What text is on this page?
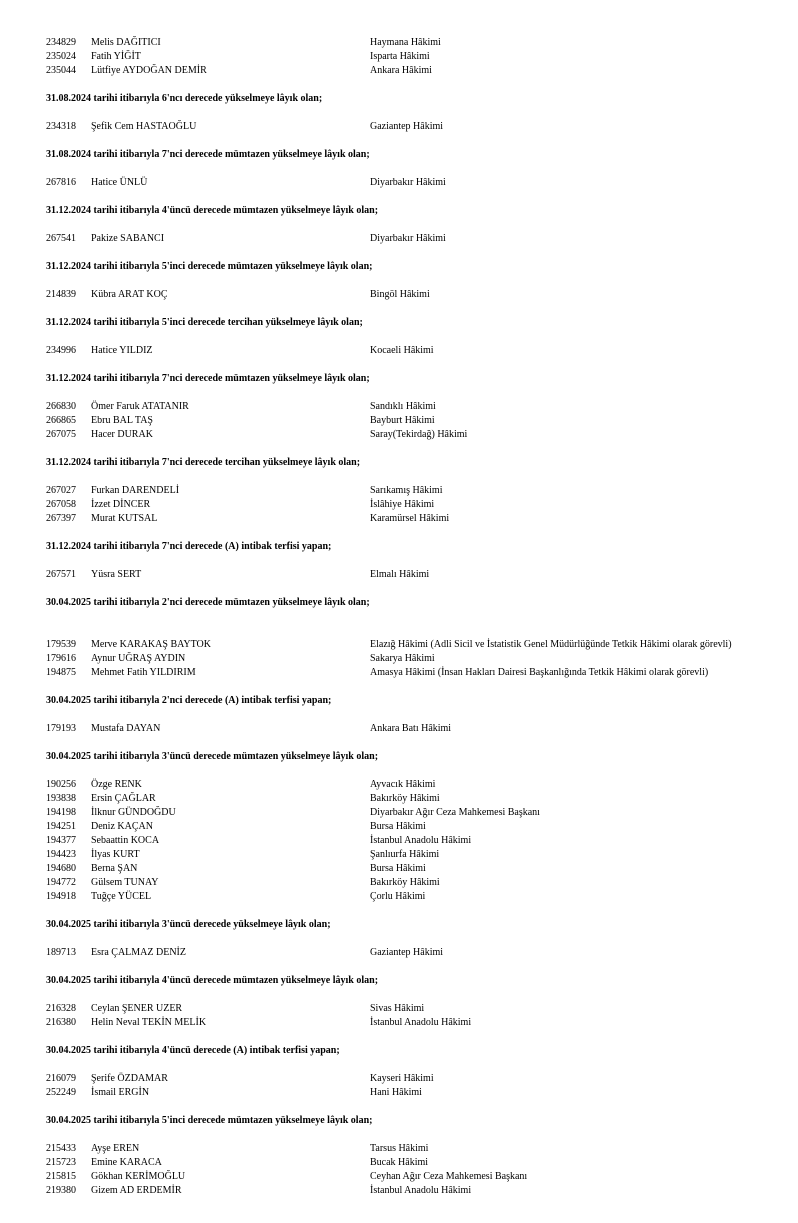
234829 Melis DAĞITICI	Haymana Hâkimi
235024 Fatih YİĞİT	Isparta Hâkimi
235044 Lütfiye AYDOĞAN DEMİR	Ankara Hâkimi
31.08.2024 tarihi itibarıyla 6'ncı derecede yükselmeye lâyık olan;
234318 Şefik Cem HASTAOĞLU	Gaziantep Hâkimi
31.08.2024 tarihi itibarıyla 7'nci derecede mümtazen yükselmeye lâyık olan;
267816 Hatice ÜNLÜ	Diyarbakır Hâkimi
31.12.2024 tarihi itibarıyla 4'üncü derecede mümtazen yükselmeye lâyık olan;
267541 Pakize SABANCI	Diyarbakır Hâkimi
31.12.2024 tarihi itibarıyla 5'inci derecede mümtazen yükselmeye lâyık olan;
214839 Kübra ARAT KOÇ	Bingöl Hâkimi
31.12.2024 tarihi itibarıyla 5'inci derecede tercihan yükselmeye lâyık olan;
234996 Hatice YILDIZ	Kocaeli Hâkimi
31.12.2024 tarihi itibarıyla 7'nci derecede mümtazen yükselmeye lâyık olan;
266830 Ömer Faruk ATATANIR	Sandıklı Hâkimi
266865 Ebru BAL TAŞ	Bayburt Hâkimi
267075 Hacer DURAK	Saray(Tekirdağ) Hâkimi
31.12.2024 tarihi itibarıyla 7'nci derecede tercihan yükselmeye lâyık olan;
267027 Furkan DARENDELİ	Sarıkamış Hâkimi
267058 İzzet DİNCER	İslâhiye Hâkimi
267397 Murat KUTSAL	Karamürsel Hâkimi
31.12.2024 tarihi itibarıyla 7'nci derecede (A) intibak terfisi yapan;
267571 Yüsra SERT	Elmalı Hâkimi
30.04.2025 tarihi itibarıyla 2'nci derecede mümtazen yükselmeye lâyık olan;
179539 Merve KARAKAŞ BAYTOK	Elazığ Hâkimi (Adli Sicil ve İstatistik Genel Müdürlüğünde Tetkik Hâkimi olarak görevli)
179616 Aynur UĞRAŞ AYDIN	Sakarya Hâkimi
194875 Mehmet Fatih YILDIRIM	Amasya Hâkimi (İnsan Hakları Dairesi Başkanlığında Tetkik Hâkimi olarak görevli)
30.04.2025 tarihi itibarıyla 2'nci derecede (A) intibak terfisi yapan;
179193 Mustafa DAYAN	Ankara Batı Hâkimi
30.04.2025 tarihi itibarıyla 3'üncü derecede mümtazen yükselmeye lâyık olan;
190256 Özge RENK	Ayvacık Hâkimi
193838 Ersin ÇAĞLAR	Bakırköy Hâkimi
194198 İlknur GÜNDOĞDU	Diyarbakır Ağır Ceza Mahkemesi Başkanı
194251 Deniz KAÇAN	Bursa Hâkimi
194377 Sebaattin KOCA	İstanbul Anadolu Hâkimi
194423 İlyas KURT	Şanlıurfa Hâkimi
194680 Berna ŞAN	Bursa Hâkimi
194772 Gülsem TUNAY	Bakırköy Hâkimi
194918 Tuğçe YÜCEL	Çorlu Hâkimi
30.04.2025 tarihi itibarıyla 3'üncü derecede yükselmeye lâyık olan;
189713 Esra ÇALMAZ DENİZ	Gaziantep Hâkimi
30.04.2025 tarihi itibarıyla 4'üncü derecede mümtazen yükselmeye lâyık olan;
216328 Ceylan ŞENER UZER	Sivas Hâkimi
216380 Helin Neval TEKİN MELİK	İstanbul Anadolu Hâkimi
30.04.2025 tarihi itibarıyla 4'üncü derecede (A) intibak terfisi yapan;
216079 Şerife ÖZDAMAR	Kayseri Hâkimi
252249 İsmail ERGİN	Hani Hâkimi
30.04.2025 tarihi itibarıyla 5'inci derecede mümtazen yükselmeye lâyık olan;
215433 Ayşe EREN	Tarsus Hâkimi
215723 Emine KARACA	Bucak Hâkimi
215815 Gökhan KERİMOĞLU	Ceyhan Ağır Ceza Mahkemesi Başkanı
219380 Gizem AD ERDEMİR	İstanbul Anadolu Hâkimi
